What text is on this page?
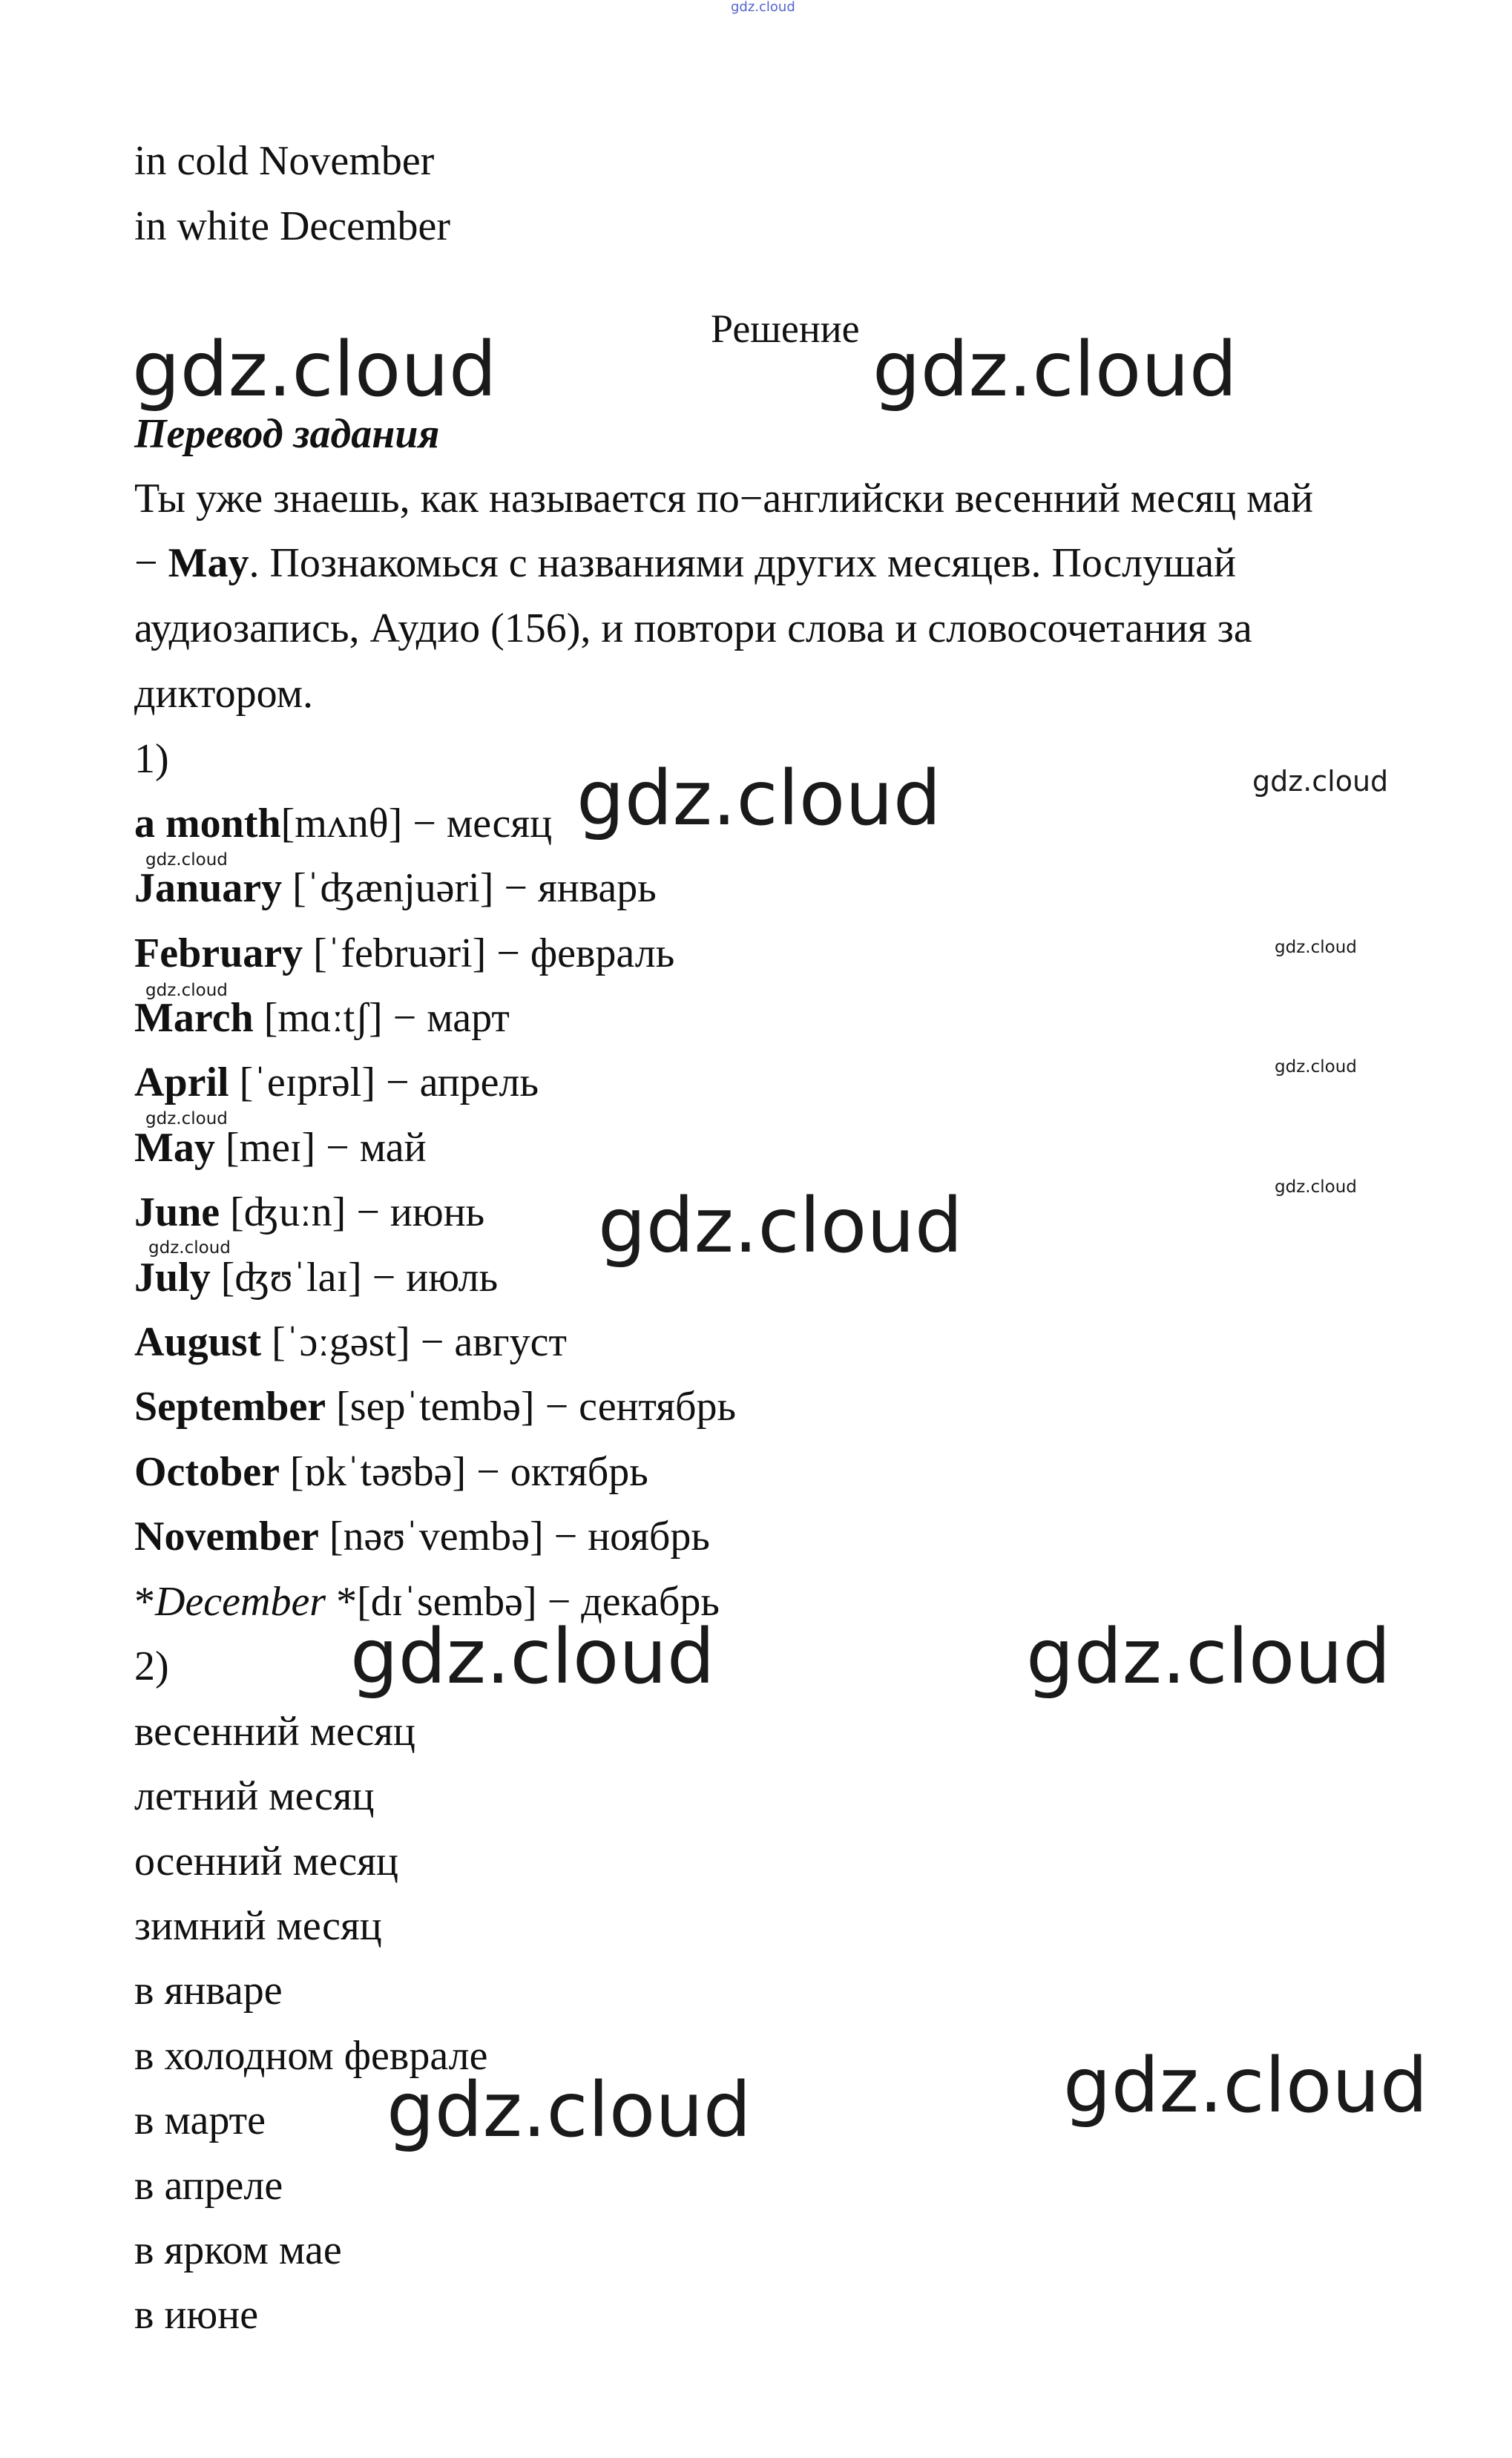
gdz.cloud
in cold November
in white December
Решение
Перевод задания
Ты уже знаешь, как называется по−английски весенний месяц май
− May. Познакомься с названиями других месяцев. Послушай
аудиозапись, Аудио (156), и повтори слова и словосочетания за
диктором.
1)
a month[mʌnθ] − месяц
January [ˈʤænjuəri] − январь
February [ˈfebruəri] − февраль
March [mɑːtʃ] − март
April [ˈeɪprəl] − апрель
May [meɪ] − май
June [ʤuːn] − июнь
July [ʤʊˈlaɪ] − июль
August [ˈɔːgəst] − август
September [sepˈtembə] − сентябрь
October [ɒkˈtəʊbə] − октябрь
November [nəʊˈvembə] − ноябрь
*December *[dɪˈsembə] − декабрь
2)
весенний месяц
летний месяц
осенний месяц
зимний месяц
в январе
в холодном феврале
в марте
в апреле
в ярком мае
в июне
gdz.cloud	gdz.cloud
gdz.cloud
gdz.cloud
gdz.cloud	gdz.cloud
gdz.cloud	gdz.cloud
gdz.cloud
gdz.cloud
gdz.cloud
gdz.cloud
gdz.cloud
gdz.cloud
gdz.cloud
gdz.cloud
